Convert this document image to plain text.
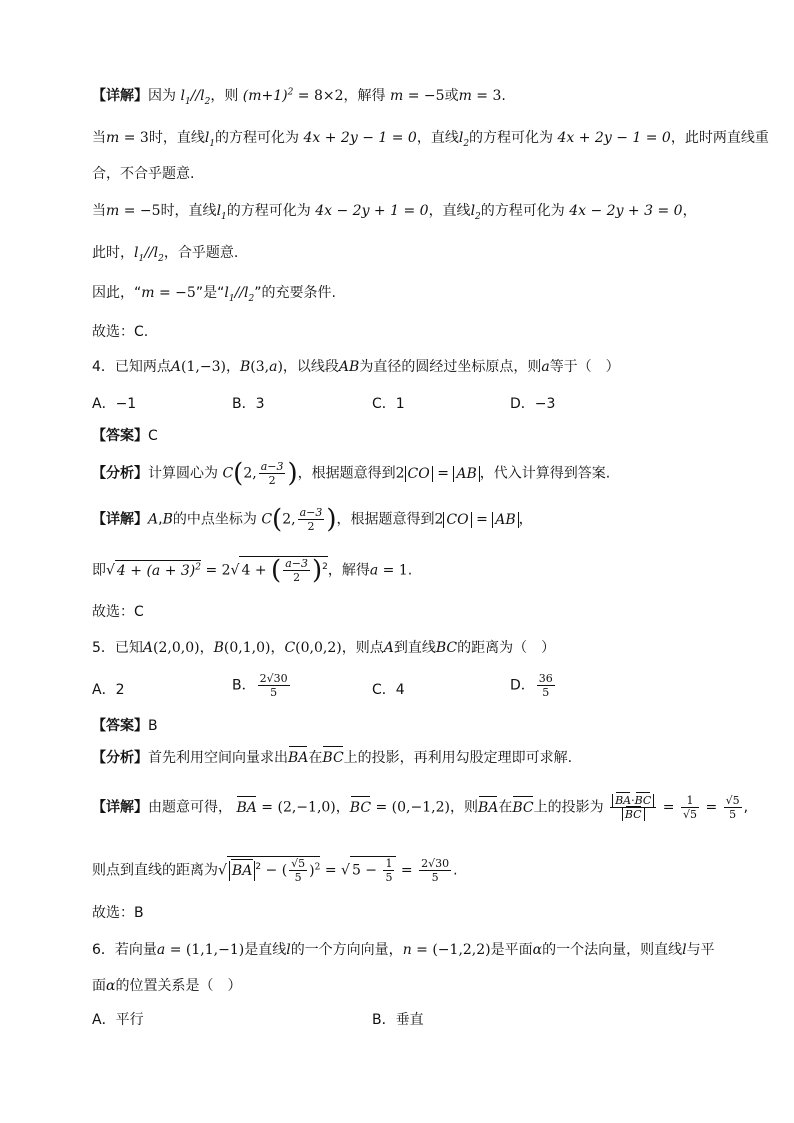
【详解】因为 $l_1//l_2$，则 $(m+1)^2 = 8\times 2$，解得 m = −5或m = 3.
当m = 3时，直线$l_1$的方程可化为 4x + 2y − 1 = 0，直线$l_2$的方程可化为 4x + 2y − 1 = 0，此时两直线重
合，不合乎题意.
当m = −5时，直线$l_1$的方程可化为 4x − 2y + 1 = 0，直线$l_2$的方程可化为 4x − 2y + 3 = 0，
此时，$l_1//l_2$，合乎题意.
因此，“m = −5”是“$l_1//l_2$”的充要条件.
故选：C.
4．已知两点A(1,−3)，B(3,a)，以线段AB为直径的圆经过坐标原点，则a等于（　）
A．−1	B．3	C．1	D．−3
【答案】C
【分析】计算圆心为 C(2, $\frac{a-3}{2}$ )，根据题意得到2 CO = AB ，代入计算得到答案.
【详解】A,B的中点坐标为 C(2, $\frac{a-3}{2}$ )，根据题意得到2 CO = AB ，
即√ $4 + (a + 3)^2 = 2√$ 4 + ( $\frac{a-3}{2} )^2$，解得a = 1.
故选：C
5．已知A(2,0,0)，B(0,1,0)，C(0,0,2)，则点A到直线BC的距离为（　）
A．2	B． $\frac{2√30}{5}$	C．4	D． $\frac{36}{5}$
【答案】B
【分析】首先利用空间向量求出BA在BC上的投影，再利用勾股定理即可求解.
【详解】由题意可得， BA = (2,−1,0)，BC = (0,−1,2)，则BA在BC上的投影为 $\frac{BA\cdot BC}{BC} = \frac{1}{√5} = \frac{√5}{5}$ ,
则点到直线的距离为√ BA $^2$ − ( $\frac{√5}{5} )^2$ = √ $5 - \frac{1}{5} = \frac{2√30}{5}$ .
故选：B
6．若向量a = (1,1,−1)是直线l的一个方向向量，n = (−1,2,2)是平面α的一个法向量，则直线l与平
面α的位置关系是（　）
A．平行	B．垂直
